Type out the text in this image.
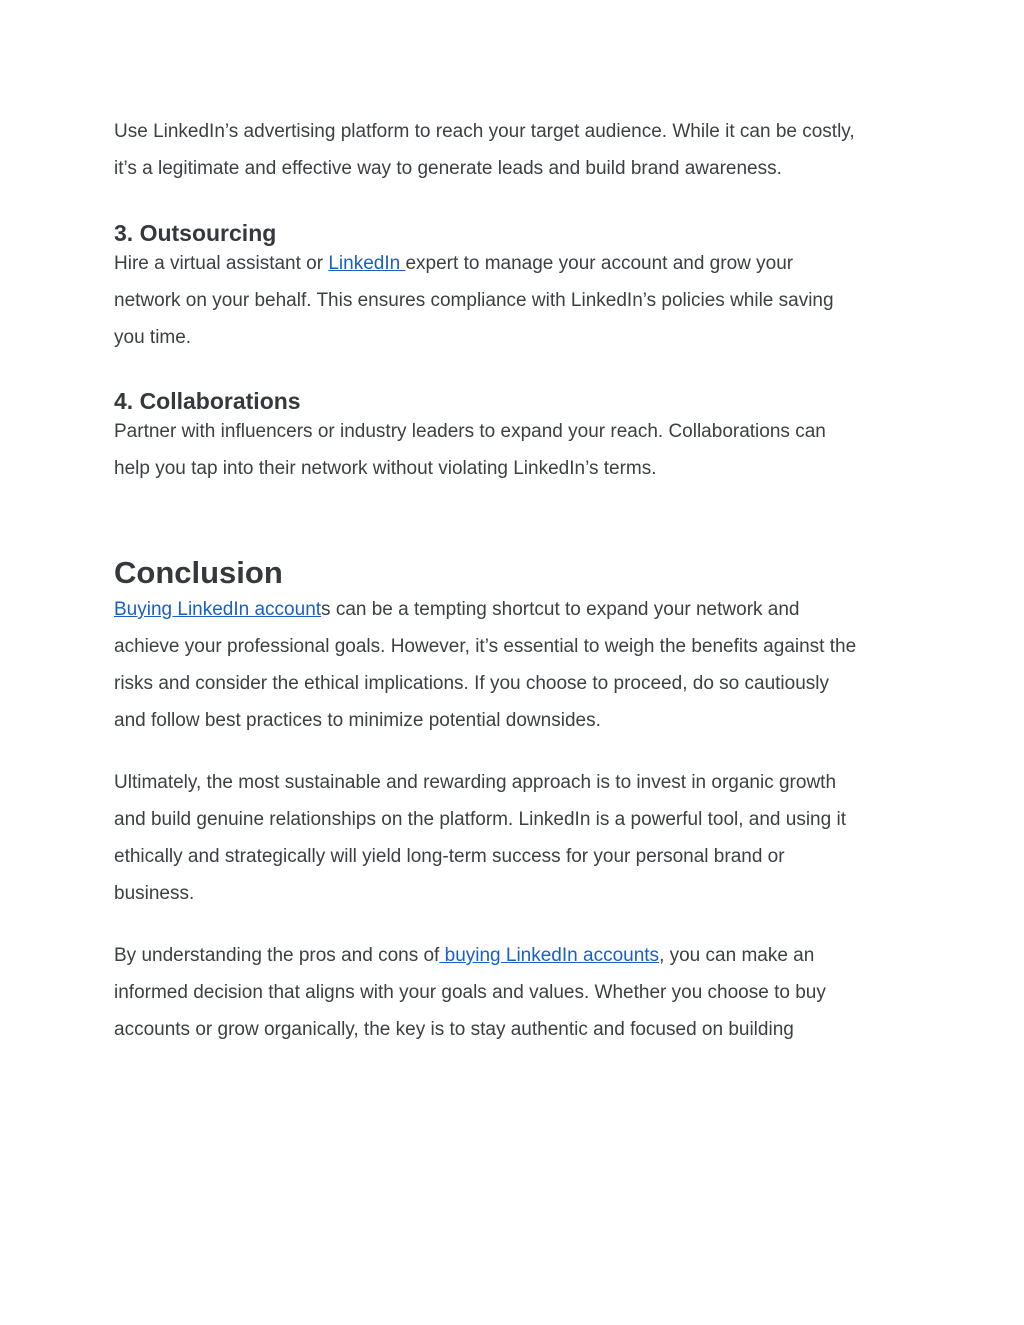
Use LinkedIn’s advertising platform to reach your target audience. While it can be costly,
it’s a legitimate and effective way to generate leads and build brand awareness.

3. Outsourcing

Hire a virtual assistant or LinkedIn expert to manage your account and grow your
network on your behalf. This ensures compliance with LinkedIn’s policies while saving
you time.

4. Collaborations

Partner with influencers or industry leaders to expand your reach. Collaborations can
help you tap into their network without violating LinkedIn’s terms.

Conclusion

Buying LinkedIn accounts can be a tempting shortcut to expand your network and
achieve your professional goals. However, it’s essential to weigh the benefits against the
risks and consider the ethical implications. If you choose to proceed, do so cautiously
and follow best practices to minimize potential downsides.

Ultimately, the most sustainable and rewarding approach is to invest in organic growth
and build genuine relationships on the platform. LinkedIn is a powerful tool, and using it
ethically and strategically will yield long-term success for your personal brand or
business.

By understanding the pros and cons of buying LinkedIn accounts, you can make an
informed decision that aligns with your goals and values. Whether you choose to buy
accounts or grow organically, the key is to stay authentic and focused on building
